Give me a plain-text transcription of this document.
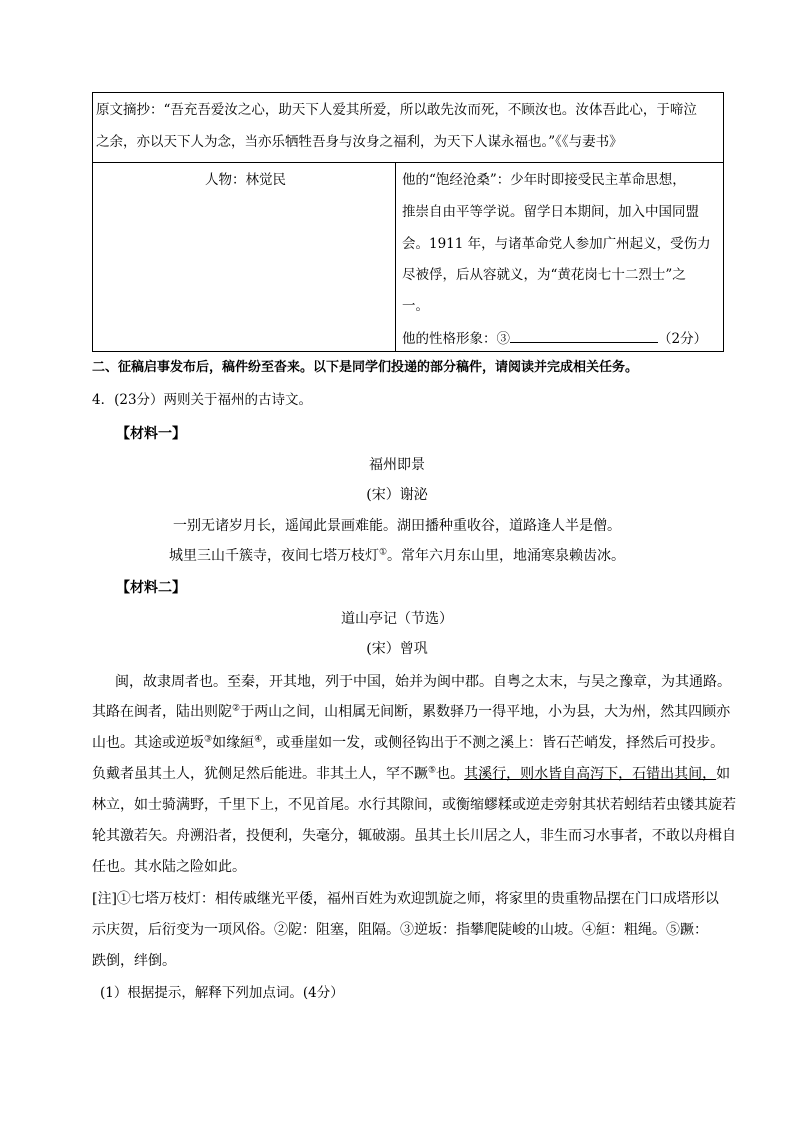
原文摘抄：“吾充吾爱汝之心，助天下人爱其所爱，所以敢先汝而死，不顾汝也。汝体吾此心，于啼泣
之余，亦以天下人为念，当亦乐牺牲吾身与汝身之福利，为天下人谋永福也。”《《与妻书》
人物：林觉民	他的“饱经沧桑”：少年时即接受民主革命思想，
推崇自由平等学说。留学日本期间，加入中国同盟
会。1911 年，与诸革命党人参加广州起义，受伤力
尽被俘，后从容就义，为“黄花岗七十二烈士”之
一。
他的性格形象：③	（2分）
二、征稿启事发布后，稿件纷至沓来。以下是同学们投递的部分稿件，请阅读并完成相关任务。
4．(23分）两则关于福州的古诗文。
【材料一】
福州即景
(宋）谢泌
一别无诸岁月长，遥闻此景画难能。湖田播种重收谷，道路逢人半是僧。
城里三山千簇寺，夜间七塔万枝灯①。常年六月东山里，地涌寒泉赖齿冰。
【材料二】
道山亭记（节选）
(宋）曾巩
闽，故隶周者也。至秦，开其地，列于中国，始并为闽中郡。自粤之太末，与吴之豫章，为其通路。
其路在闽者，陆出则阸②于两山之间，山相属无间断，累数驿乃一得平地，小为县，大为州，然其四顾亦
山也。其途或逆坂③如缘絙④，或垂崖如一发，或侧径钩出于不测之溪上：皆石芒峭发，择然后可投步。
负戴者虽其土人，犹侧足然后能进。非其土人，罕不蹶⑤也。其溪行，则水皆自高泻下，石错出其间，如
林立，如士骑满野，千里下上，不见首尾。水行其隙间，或衡缩蟉糅或逆走旁射其状若蚓结若虫镂其旋若
轮其激若矢。舟溯沿者，投便利，失毫分，辄破溺。虽其土长川居之人，非生而习水事者，不敢以舟楫自
任也。其水陆之险如此。
[注]①七塔万枝灯：相传戚继光平倭，福州百姓为欢迎凯旋之师，将家里的贵重物品摆在门口成塔形以
示庆贺，后衍变为一项风俗。②阸：阻塞，阻隔。③逆坂：指攀爬陡峻的山坡。④絙：粗绳。⑤蹶：
跌倒，绊倒。
(1）根据提示，解释下列加点词。(4分）
